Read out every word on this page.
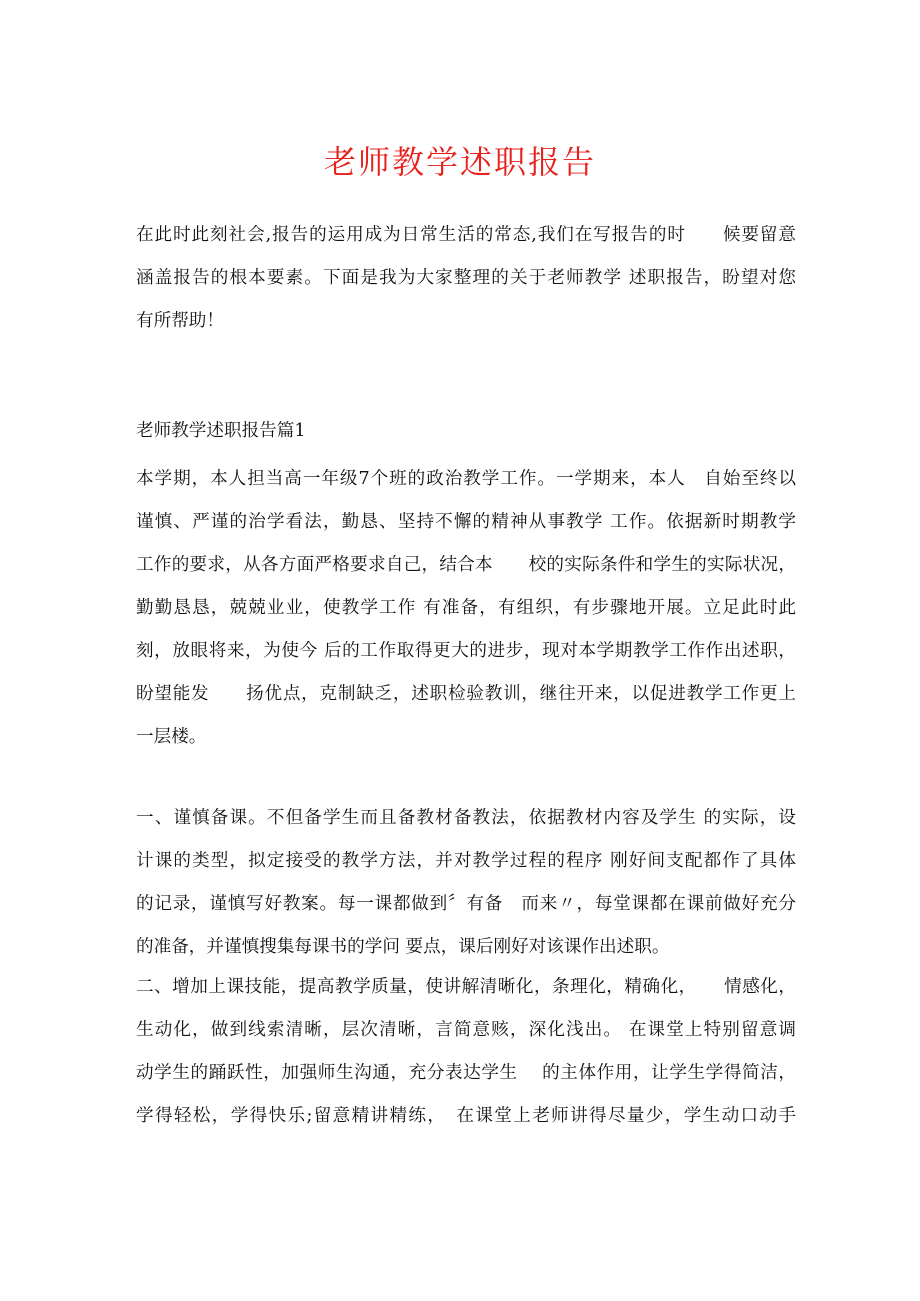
老师教学述职报告
在此时此刻社会,报告的运用成为日常生活的常态,我们在写报告的时　　候要留意
涵盖报告的根本要素。下面是我为大家整理的关于老师教学 述职报告，盼望对您
有所帮助！
老师教学述职报告篇1
本学期，本人担当高一年级7个班的政治教学工作。一学期来，本人　自始至终以
谨慎、严谨的治学看法，勤恳、坚持不懈的精神从事教学 工作。依据新时期教学
工作的要求，从各方面严格要求自己，结合本　　校的实际条件和学生的实际状况，
勤勤恳恳，兢兢业业，使教学工作 有准备，有组织，有步骤地开展。立足此时此
刻，放眼将来，为使今 后的工作取得更大的进步，现对本学期教学工作作出述职，
盼望能发　　扬优点，克制缺乏，述职检验教训，继往开来，以促进教学工作更上
一层楼。
一、谨慎备课。不但备学生而且备教材备教法，依据教材内容及学生 的实际，设
计课的类型，拟定接受的教学方法，并对教学过程的程序 刚好间支配都作了具体
的记录，谨慎写好教案。每一课都做到〞有备　而来〃，每堂课都在课前做好充分
的准备，并谨慎搜集每课书的学问 要点，课后刚好对该课作出述职。
二、增加上课技能，提高教学质量，使讲解清晰化，条理化，精确化，　　情感化，
生动化，做到线索清晰，层次清晰，言简意赅，深化浅出。 在课堂上特别留意调
动学生的踊跃性，加强师生沟通，充分表达学生　 的主体作用，让学生学得简洁，
学得轻松，学得快乐;留意精讲精练，　在课堂上老师讲得尽量少，学生动口动手
